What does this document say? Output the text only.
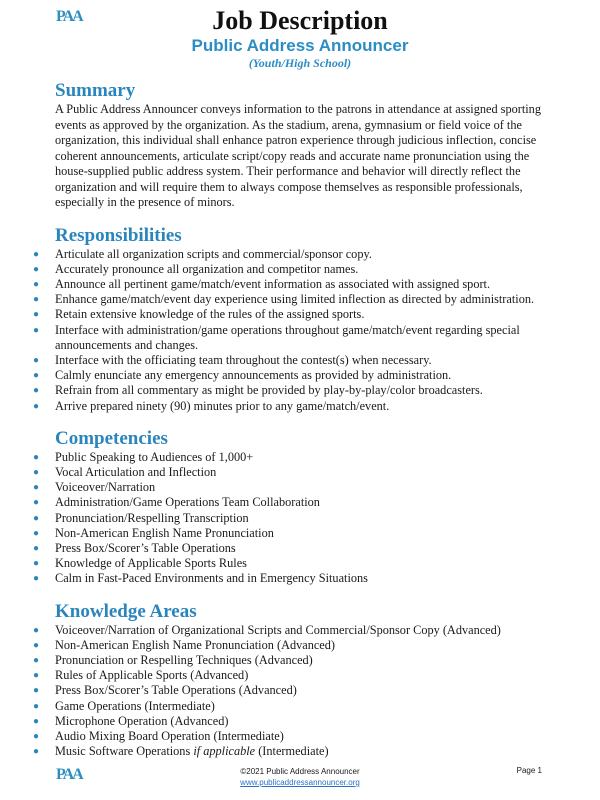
PAA	Job Description

Public Address Announcer

(Youth/High School)

Summary

A Public Address Announcer conveys information to the patrons in attendance at assigned sporting events as approved by the organization. As the stadium, arena, gymnasium or field voice of the organization, this individual shall enhance patron experience through judicious inflection, concise coherent announcements, articulate script/copy reads and accurate name pronunciation using the house-supplied public address system. Their performance and behavior will directly reflect the organization and will require them to always compose themselves as responsible professionals, especially in the presence of minors.

Responsibilities
● Articulate all organization scripts and commercial/sponsor copy.
● Accurately pronounce all organization and competitor names.
● Announce all pertinent game/match/event information as associated with assigned sport.
● Enhance game/match/event day experience using limited inflection as directed by administration.
● Retain extensive knowledge of the rules of the assigned sports.
● Interface with administration/game operations throughout game/match/event regarding special announcements and changes.
● Interface with the officiating team throughout the contest(s) when necessary.
● Calmly enunciate any emergency announcements as provided by administration.
● Refrain from all commentary as might be provided by play-by-play/color broadcasters.
● Arrive prepared ninety (90) minutes prior to any game/match/event.
Competencies
● Public Speaking to Audiences of 1,000+
● Vocal Articulation and Inflection
● Voiceover/Narration
● Administration/Game Operations Team Collaboration
● Pronunciation/Respelling Transcription
● Non-American English Name Pronunciation
● Press Box/Scorer’s Table Operations
● Knowledge of Applicable Sports Rules
● Calm in Fast-Paced Environments and in Emergency Situations
Knowledge Areas
● Voiceover/Narration of Organizational Scripts and Commercial/Sponsor Copy (Advanced)
● Non-American English Name Pronunciation (Advanced)
● Pronunciation or Respelling Techniques (Advanced)
● Rules of Applicable Sports (Advanced)
● Press Box/Scorer’s Table Operations (Advanced)
● Game Operations (Intermediate)
● Microphone Operation (Advanced)
● Audio Mixing Board Operation (Intermediate)
● Music Software Operations if applicable (Intermediate)
PAA	©2021 Public Address Announcer
www.publicaddressannouncer.org
Page 1
